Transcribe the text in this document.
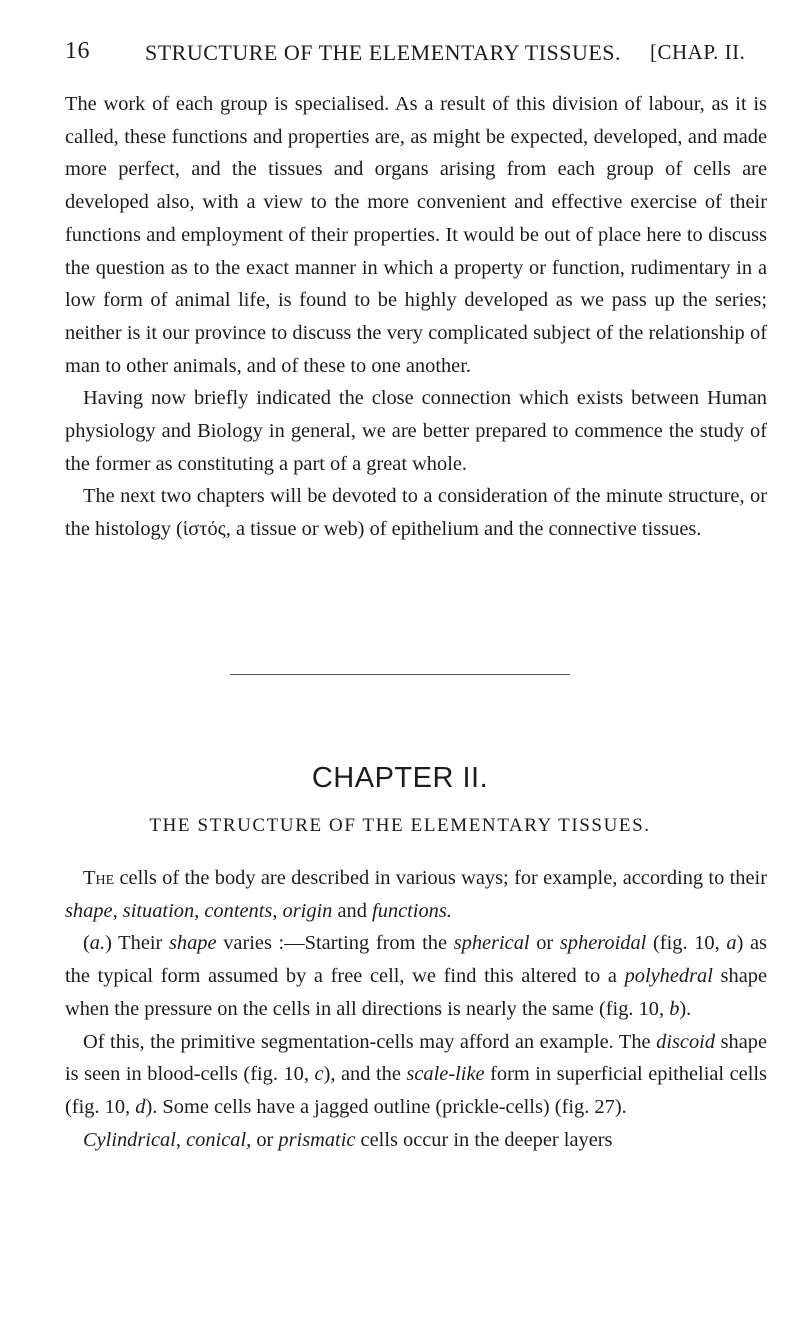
16	STRUCTURE OF THE ELEMENTARY TISSUES. [CHAP. II.

The work of each group is specialised. As a result of this division of labour, as it is called, these functions and properties are, as might be expected, developed, and made more perfect, and the tissues and organs arising from each group of cells are developed also, with a view to the more convenient and effective exercise of their functions and employment of their properties. It would be out of place here to discuss the question as to the exact manner in which a property or function, rudimentary in a low form of animal life, is found to be highly developed as we pass up the series; neither is it our province to discuss the very complicated subject of the relationship of man to other animals, and of these to one another.

Having now briefly indicated the close connection which exists between Human physiology and Biology in general, we are better prepared to commence the study of the former as constituting a part of a great whole.

The next two chapters will be devoted to a consideration of the minute structure, or the histology (ἱστός, a tissue or web) of epithelium and the connective tissues.

CHAPTER II.
THE STRUCTURE OF THE ELEMENTARY TISSUES.

The cells of the body are described in various ways; for example, according to their shape, situation, contents, origin and functions.

(a.) Their shape varies :—Starting from the spherical or spheroidal (fig. 10, a) as the typical form assumed by a free cell, we find this altered to a polyhedral shape when the pressure on the cells in all directions is nearly the same (fig. 10, b).

Of this, the primitive segmentation-cells may afford an example. The discoid shape is seen in blood-cells (fig. 10, c), and the scale-like form in superficial epithelial cells (fig. 10, d). Some cells have a jagged outline (prickle-cells) (fig. 27).

Cylindrical, conical, or prismatic cells occur in the deeper layers
